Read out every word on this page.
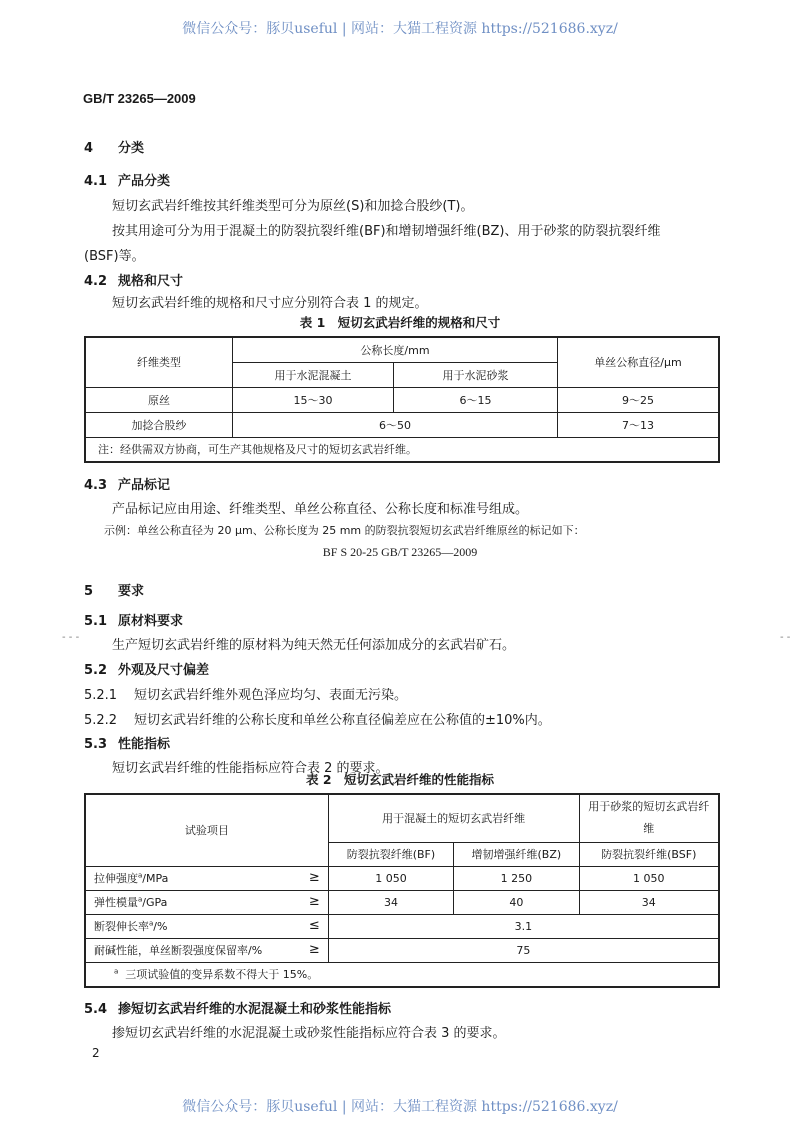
微信公众号：豚贝useful | 网站：大猫工程资源 https://521686.xyz/
GB/T 23265—2009
4 分类
4.1 产品分类
短切玄武岩纤维按其纤维类型可分为原丝(S)和加捻合股纱(T)。
按其用途可分为用于混凝土的防裂抗裂纤维(BF)和增韧增强纤维(BZ)、用于砂浆的防裂抗裂纤维
(BSF)等。
4.2 规格和尺寸
短切玄武岩纤维的规格和尺寸应分别符合表 1 的规定。
表 1　短切玄武岩纤维的规格和尺寸
纤维类型	公称长度/mm		单丝公称直径/μm
	用于水泥混凝土	用于水泥砂浆	
原丝	15～30	6～15	9～25
加捻合股纱	6～50		7～13
注：经供需双方协商，可生产其他规格及尺寸的短切玄武岩纤维。			
4.3 产品标记
产品标记应由用途、纤维类型、单丝公称直径、公称长度和标准号组成。
示例：单丝公称直径为 20 μm、公称长度为 25 mm 的防裂抗裂短切玄武岩纤维原丝的标记如下：
BF S 20-25 GB/T 23265—2009
5 要求
5.1 原材料要求
- - -
生产短切玄武岩纤维的原材料为纯天然无任何添加成分的玄武岩矿石。
- -
5.2 外观及尺寸偏差
5.2.1 短切玄武岩纤维外观色泽应均匀、表面无污染。
5.2.2 短切玄武岩纤维的公称长度和单丝公称直径偏差应在公称值的±10%内。
5.3 性能指标
短切玄武岩纤维的性能指标应符合表 2 的要求。
表 2　短切玄武岩纤维的性能指标
试验项目	用于混凝土的短切玄武岩纤维		用于砂浆的短切玄武岩纤维
	防裂抗裂纤维(BF)	增韧增强纤维(BZ)	防裂抗裂纤维(BSF)
拉伸强度$^a$/MPa ≥	1 050	1 250	1 050
弹性模量$^a$/GPa ≥	34	40	34
断裂伸长率$^a$/% ≤	3.1		
耐碱性能，单丝断裂强度保留率/% ≥	75		
$^a$ 三项试验值的变异系数不得大于 15%。			
5.4 掺短切玄武岩纤维的水泥混凝土和砂浆性能指标
掺短切玄武岩纤维的水泥混凝土或砂浆性能指标应符合表 3 的要求。
2
微信公众号：豚贝useful | 网站：大猫工程资源 https://521686.xyz/
